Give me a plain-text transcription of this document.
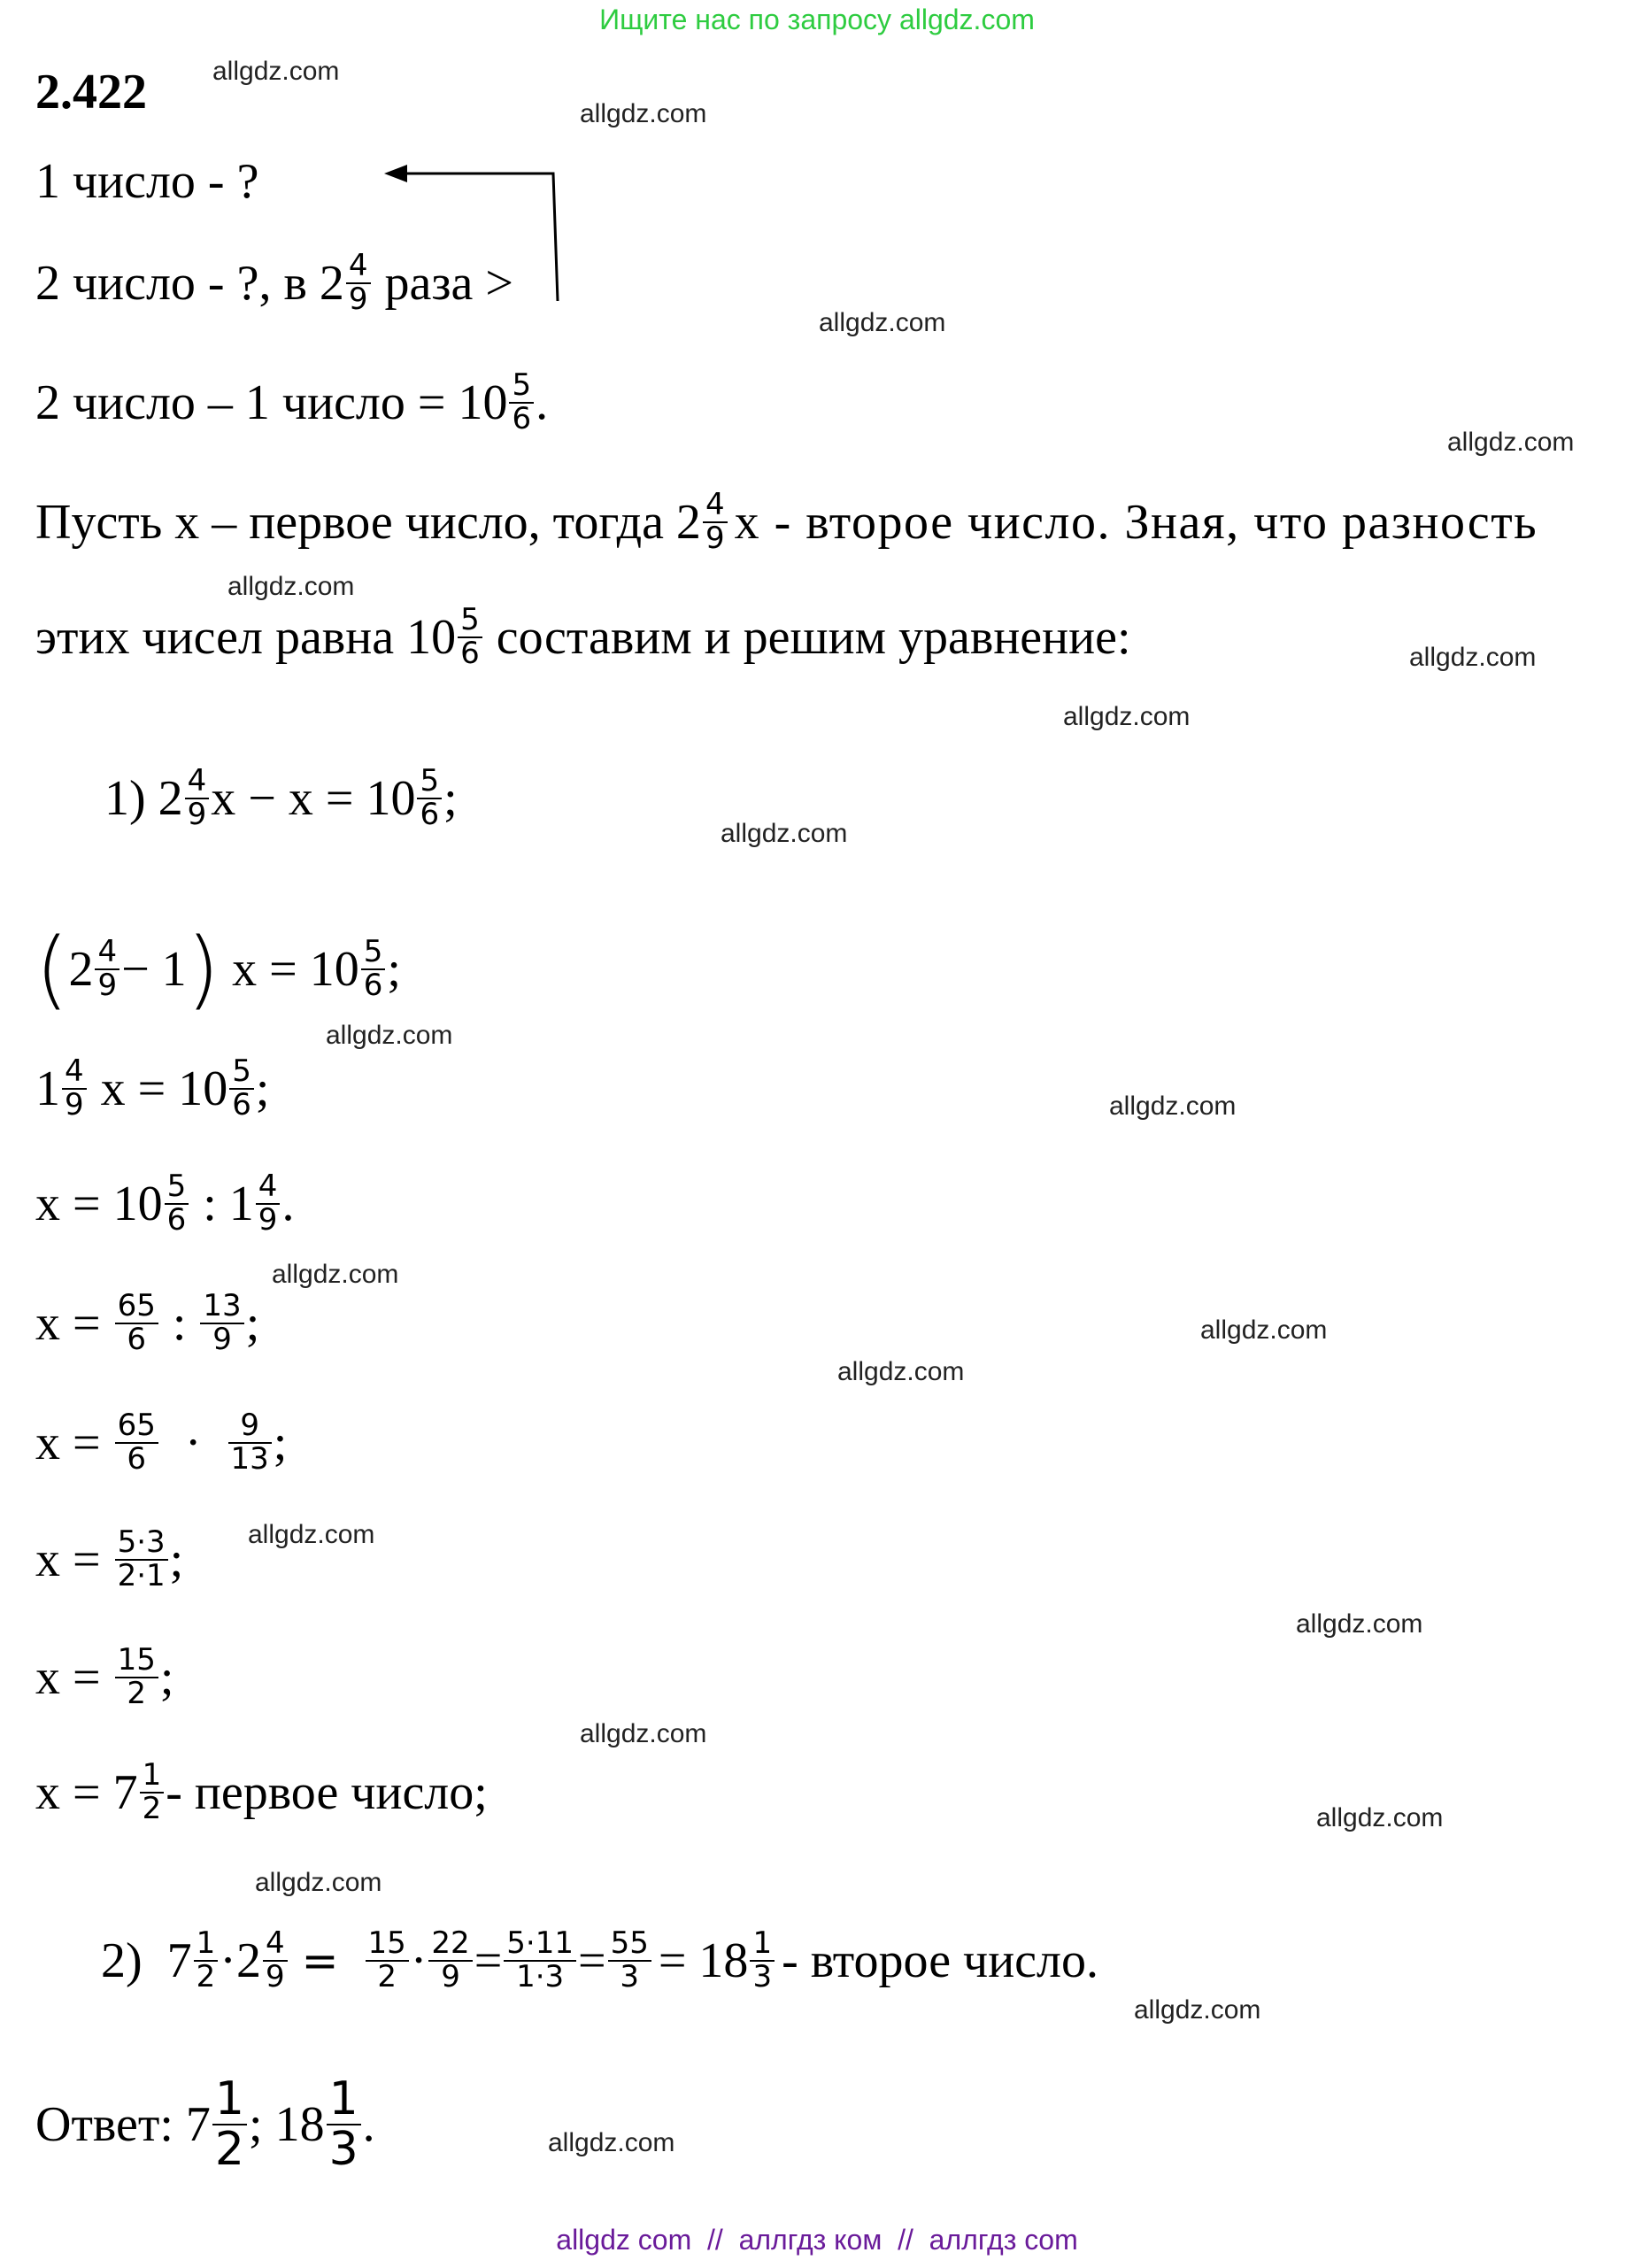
Ищите нас по запросу allgdz.com
2.422
1 число - ?
2 число - ?, в $2 \frac{4}{9}$ раза >
2 число – 1 число = $10 \frac{5}{6}$ .
Пусть x – первое число, тогда $2 \frac{4}{9}$ x - второе число. Зная, что разность
этих чисел равна $10 \frac{5}{6}$ составим и решим уравнение:
1) $2 \frac{4}{9}$ $x - x = 10 \frac{5}{6}$ ;
( $2 \frac{4}{9} - 1$ ) $x = 10 \frac{5}{6}$ ;
$1 \frac{4}{9}$ $x = 10 \frac{5}{6}$ ;
$x = 10 \frac{5}{6}$ : $1 \frac{4}{9}$ .
$x = \frac{65}{6}$ : $\frac{13}{9}$ ;
$x = \frac{65}{6} \cdot \frac{9}{13}$ ;
$x = \frac{5\cdot 3}{2\cdot 1}$ ;
$x = \frac{15}{2}$ ;
$x = 7 \frac{1}{2}$ - первое число;
2) $7 \frac{1}{2} \cdot 2 \frac{4}{9} = \frac{15}{2} \cdot \frac{22}{9} = \frac{5\cdot 11}{1\cdot 3} = \frac{55}{3} = 18 \frac{1}{3}$ - второе число.
Ответ: $7 \frac{1}{2}$ ; $18 \frac{1}{3}$ .
allgdz.com
allgdz.com
allgdz.com
allgdz.com
allgdz.com
allgdz.com
allgdz.com
allgdz.com
allgdz.com
allgdz.com
allgdz.com
allgdz.com
allgdz.com
allgdz.com
allgdz.com
allgdz.com
allgdz.com
allgdz.com
allgdz.com
allgdz.com
allgdz com  //  аллгдз ком  //  аллгдз com
